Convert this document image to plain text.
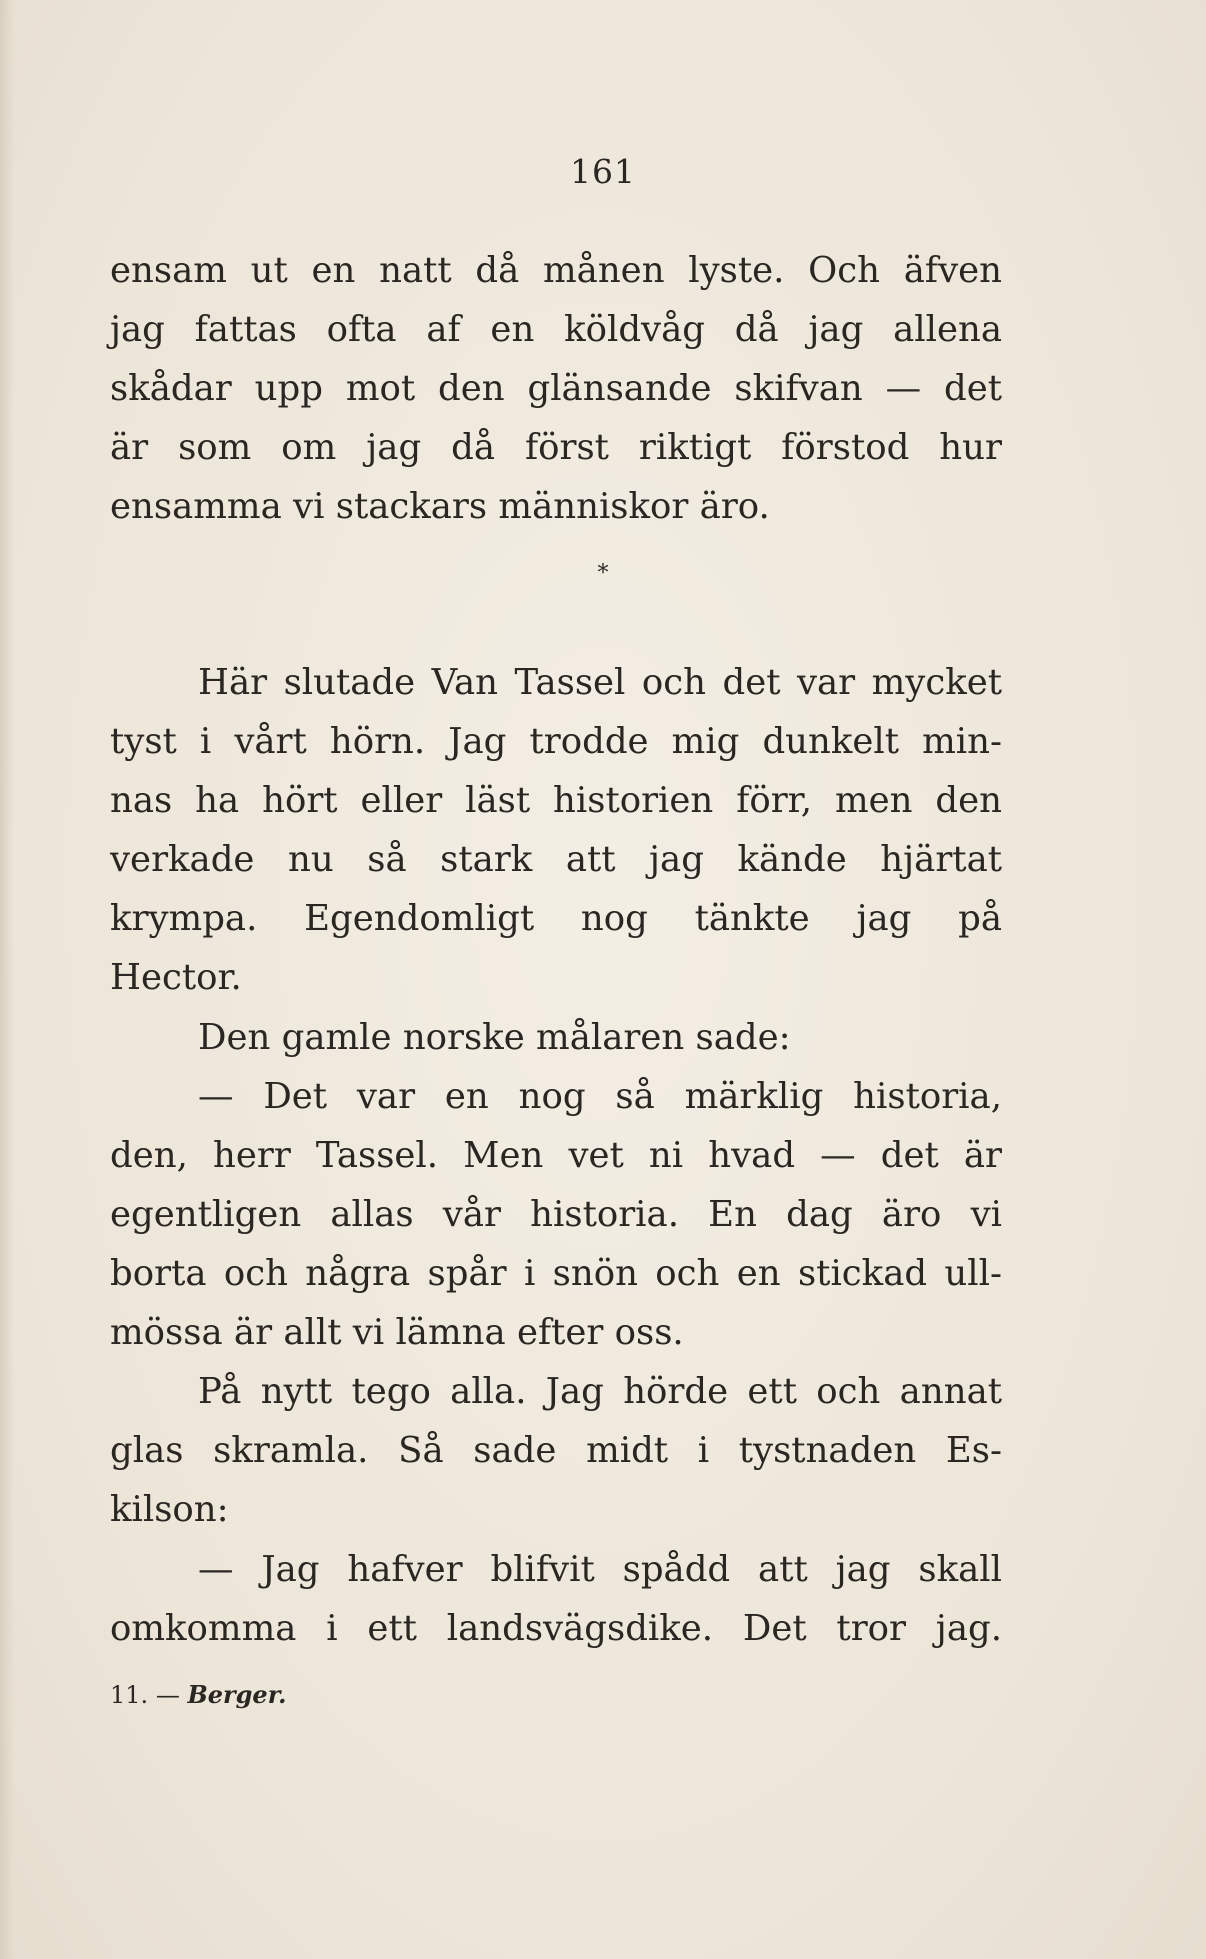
161
ensam ut en natt då månen lyste. Och äfven
jag fattas ofta af en köldvåg då jag allena
skådar upp mot den glänsande skifvan — det
är som om jag då först riktigt förstod hur
ensamma vi stackars människor äro.
*
Här slutade Van Tassel och det var mycket
tyst i vårt hörn. Jag trodde mig dunkelt min-
nas ha hört eller läst historien förr, men den
verkade nu så stark att jag kände hjärtat
krympa. Egendomligt nog tänkte jag på
Hector.
Den gamle norske målaren sade:
— Det var en nog så märklig historia,
den, herr Tassel. Men vet ni hvad — det är
egentligen allas vår historia. En dag äro vi
borta och några spår i snön och en stickad ull-
mössa är allt vi lämna efter oss.
På nytt tego alla. Jag hörde ett och annat
glas skramla. Så sade midt i tystnaden Es-
kilson:
— Jag hafver blifvit spådd att jag skall
omkomma i ett landsvägsdike. Det tror jag.
11. — Berger.
